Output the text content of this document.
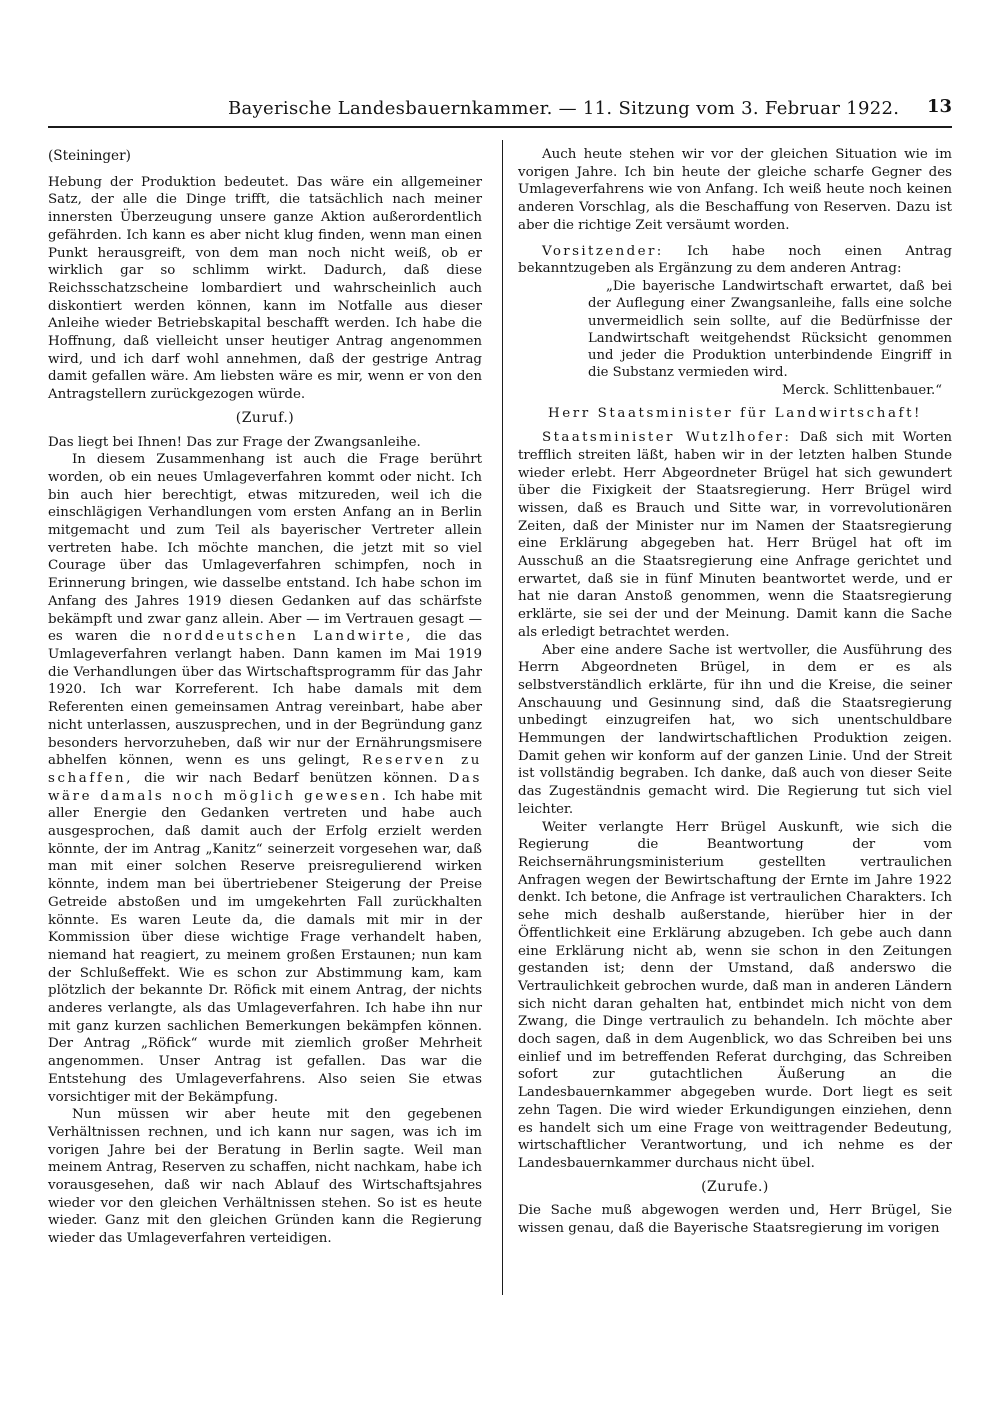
Bayerische Landesbauernkammer. — 11. Sitzung vom 3. Februar 1922. 13

(Steininger)

Hebung der Produktion bedeutet. Das wäre ein allgemeiner Satz, der alle die Dinge trifft, die tatsächlich nach meiner innersten Überzeugung unsere ganze Aktion außerordentlich gefährden. Ich kann es aber nicht klug finden, wenn man einen Punkt herausgreift, von dem man noch nicht weiß, ob er wirklich gar so schlimm wirkt. Dadurch, daß diese Reichsschatzscheine lombardiert und wahrscheinlich auch diskontiert werden können, kann im Notfalle aus dieser Anleihe wieder Betriebskapital beschafft werden. Ich habe die Hoffnung, daß vielleicht unser heutiger Antrag angenommen wird, und ich darf wohl annehmen, daß der gestrige Antrag damit gefallen wäre. Am liebsten wäre es mir, wenn er von den Antragstellern zurückgezogen würde.

(Zuruf.)

Das liegt bei Ihnen! Das zur Frage der Zwangsanleihe.

In diesem Zusammenhang ist auch die Frage berührt worden, ob ein neues Umlageverfahren kommt oder nicht. Ich bin auch hier berechtigt, etwas mitzureden, weil ich die einschlägigen Verhandlungen vom ersten Anfang an in Berlin mitgemacht und zum Teil als bayerischer Vertreter allein vertreten habe. Ich möchte manchen, die jetzt mit so viel Courage über das Umlageverfahren schimpfen, noch in Erinnerung bringen, wie dasselbe entstand. Ich habe schon im Anfang des Jahres 1919 diesen Gedanken auf das schärfste bekämpft und zwar ganz allein. Aber — im Vertrauen gesagt — es waren die norddeutschen Landwirte, die das Umlageverfahren verlangt haben. Dann kamen im Mai 1919 die Verhandlungen über das Wirtschaftsprogramm für das Jahr 1920. Ich war Korreferent. Ich habe damals mit dem Referenten einen gemeinsamen Antrag vereinbart, habe aber nicht unterlassen, auszusprechen, und in der Begründung ganz besonders hervorzuheben, daß wir nur der Ernährungsmisere abhelfen können, wenn es uns gelingt, Reserven zu schaffen, die wir nach Bedarf benützen können. Das wäre damals noch möglich gewesen. Ich habe mit aller Energie den Gedanken vertreten und habe auch ausgesprochen, daß damit auch der Erfolg erzielt werden könnte, der im Antrag „Kanitz“ seinerzeit vorgesehen war, daß man mit einer solchen Reserve preisregulierend wirken könnte, indem man bei übertriebener Steigerung der Preise Getreide abstoßen und im umgekehrten Fall zurückhalten könnte. Es waren Leute da, die damals mit mir in der Kommission über diese wichtige Frage verhandelt haben, niemand hat reagiert, zu meinem großen Erstaunen; nun kam der Schlußeffekt. Wie es schon zur Abstimmung kam, kam plötzlich der bekannte Dr. Röfick mit einem Antrag, der nichts anderes verlangte, als das Umlageverfahren. Ich habe ihn nur mit ganz kurzen sachlichen Bemerkungen bekämpfen können. Der Antrag „Röfick“ wurde mit ziemlich großer Mehrheit angenommen. Unser Antrag ist gefallen. Das war die Entstehung des Umlageverfahrens. Also seien Sie etwas vorsichtiger mit der Bekämpfung.

Nun müssen wir aber heute mit den gegebenen Verhältnissen rechnen, und ich kann nur sagen, was ich im vorigen Jahre bei der Beratung in Berlin sagte. Weil man meinem Antrag, Reserven zu schaffen, nicht nachkam, habe ich vorausgesehen, daß wir nach Ablauf des Wirtschaftsjahres wieder vor den gleichen Verhältnissen stehen. So ist es heute wieder. Ganz mit den gleichen Gründen kann die Regierung wieder das Umlageverfahren verteidigen.

Auch heute stehen wir vor der gleichen Situation wie im vorigen Jahre. Ich bin heute der gleiche scharfe Gegner des Umlageverfahrens wie von Anfang. Ich weiß heute noch keinen anderen Vorschlag, als die Beschaffung von Reserven. Dazu ist aber die richtige Zeit versäumt worden.

Vorsitzender: Ich habe noch einen Antrag bekanntzugeben als Ergänzung zu dem anderen Antrag:

„Die bayerische Landwirtschaft erwartet, daß bei der Auflegung einer Zwangsanleihe, falls eine solche unvermeidlich sein sollte, auf die Bedürfnisse der Landwirtschaft weitgehendst Rücksicht genommen und jeder die Produktion unterbindende Eingriff in die Substanz vermieden wird.

Merck. Schlittenbauer.“

Herr Staatsminister für Landwirtschaft!

Staatsminister Wutzlhofer: Daß sich mit Worten trefflich streiten läßt, haben wir in der letzten halben Stunde wieder erlebt. Herr Abgeordneter Brügel hat sich gewundert über die Fixigkeit der Staatsregierung. Herr Brügel wird wissen, daß es Brauch und Sitte war, in vorrevolutionären Zeiten, daß der Minister nur im Namen der Staatsregierung eine Erklärung abgegeben hat. Herr Brügel hat oft im Ausschuß an die Staatsregierung eine Anfrage gerichtet und erwartet, daß sie in fünf Minuten beantwortet werde, und er hat nie daran Anstoß genommen, wenn die Staatsregierung erklärte, sie sei der und der Meinung. Damit kann die Sache als erledigt betrachtet werden.

Aber eine andere Sache ist wertvoller, die Ausführung des Herrn Abgeordneten Brügel, in dem er es als selbstverständlich erklärte, für ihn und die Kreise, die seiner Anschauung und Gesinnung sind, daß die Staatsregierung unbedingt einzugreifen hat, wo sich unentschuldbare Hemmungen der landwirtschaftlichen Produktion zeigen. Damit gehen wir konform auf der ganzen Linie. Und der Streit ist vollständig begraben. Ich danke, daß auch von dieser Seite das Zugeständnis gemacht wird. Die Regierung tut sich viel leichter.

Weiter verlangte Herr Brügel Auskunft, wie sich die Regierung die Beantwortung der vom Reichsernährungsministerium gestellten vertraulichen Anfragen wegen der Bewirtschaftung der Ernte im Jahre 1922 denkt. Ich betone, die Anfrage ist vertraulichen Charakters. Ich sehe mich deshalb außerstande, hierüber hier in der Öffentlichkeit eine Erklärung abzugeben. Ich gebe auch dann eine Erklärung nicht ab, wenn sie schon in den Zeitungen gestanden ist; denn der Umstand, daß anderswo die Vertraulichkeit gebrochen wurde, daß man in anderen Ländern sich nicht daran gehalten hat, entbindet mich nicht von dem Zwang, die Dinge vertraulich zu behandeln. Ich möchte aber doch sagen, daß in dem Augenblick, wo das Schreiben bei uns einlief und im betreffenden Referat durchging, das Schreiben sofort zur gutachtlichen Äußerung an die Landesbauernkammer abgegeben wurde. Dort liegt es seit zehn Tagen. Die wird wieder Erkundigungen einziehen, denn es handelt sich um eine Frage von weittragender Bedeutung, wirtschaftlicher Verantwortung, und ich nehme es der Landesbauernkammer durchaus nicht übel.

(Zurufe.)

Die Sache muß abgewogen werden und, Herr Brügel, Sie wissen genau, daß die Bayerische Staatsregierung im vorigen
